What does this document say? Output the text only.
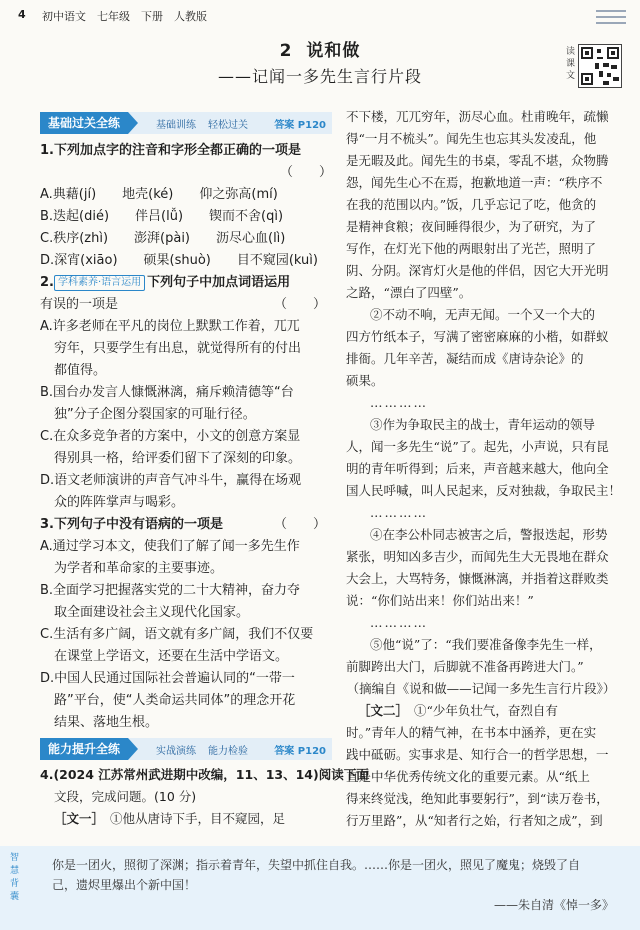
4 初中语文　七年级　下册　人教版
2 说和做
——记闻一多先生言行片段
读课文
基础过关全练	基础训练 轻松过关	答案 P120
1.下列加点字的注音和字形全都正确的一项是
（　　）
A.典藉(jí)　　地壳(ké)　　仰之弥高(mí)
B.迭起(dié)　　伴吕(lǚ)　　锲而不舍(qì)
C.秩序(zhì)　　澎湃(pài)　　沥尽心血(lì)
D.深宵(xiāo)　　硕果(shuò)　　目不窥园(kuì)
2. 学科素养·语言运用 下列句子中加点词语运用
有误的一项是	（　　）
A.许多老师在平凡的岗位上默默工作着，兀兀
穷年，只要学生有出息，就觉得所有的付出
都值得。
B.国台办发言人慷慨淋漓，痛斥赖清德等“台
独”分子企图分裂国家的可耻行径。
C.在众多竞争者的方案中，小文的创意方案显
得别具一格，给评委们留下了深刻的印象。
D.语文老师演讲的声音气冲斗牛，赢得在场观
众的阵阵掌声与喝彩。
3.下列句子中没有语病的一项是	（　　）
A.通过学习本文，使我们了解了闻一多先生作
为学者和革命家的主要事迹。
B.全面学习把握落实党的二十大精神，奋力夺
取全面建设社会主义现代化国家。
C.生活有多广阔，语文就有多广阔，我们不仅要
在课堂上学语文，还要在生活中学语文。
D.中国人民通过国际社会普遍认同的“一带一
路”平台，使“人类命运共同体”的理念开花
结果、落地生根。
能力提升全练	实战演练 能力检验	答案 P120
4.(2024 江苏常州武进期中改编，11、13、14)阅读下面
文段，完成问题。(10 分)
［文一］ ①他从唐诗下手，目不窥园，足
不下楼，兀兀穷年，沥尽心血。杜甫晚年，疏懒
得“一月不梳头”。闻先生也忘其头发凌乱，他
是无暇及此。闻先生的书桌，零乱不堪，众物腾
怨，闻先生心不在焉，抱歉地道一声：“秩序不
在我的范围以内。”饭，几乎忘记了吃，他贪的
是精神食粮；夜间睡得很少，为了研究，为了
写作，在灯光下他的两眼射出了光芒，照明了
阴、分阴。深宵灯火是他的伴侣，因它大开光明
之路，“漂白了四壁”。
②不动不响，无声无闻。一个又一个大的
四方竹纸本子，写满了密密麻麻的小楷，如群蚁
排衙。几年辛苦，凝结而成《唐诗杂论》的
硕果。
…………
③作为争取民主的战士，青年运动的领导
人，闻一多先生“说”了。起先，小声说，只有昆
明的青年听得到；后来，声音越来越大，他向全
国人民呼喊，叫人民起来，反对独裁，争取民主！
…………
④在李公朴同志被害之后，警报迭起，形势
紧张，明知凶多吉少，而闻先生大无畏地在群众
大会上，大骂特务，慷慨淋漓，并指着这群败类
说：“你们站出来！你们站出来！”
…………
⑤他“说”了：“我们要准备像李先生一样，
前脚跨出大门，后脚就不准备再跨进大门。”
（摘编自《说和做——记闻一多先生言行片段》）
［文二］ ①“少年负壮气，奋烈自有
时。”青年人的精气神，在书本中涵养，更在实
践中砥砺。实事求是、知行合一的哲学思想，一
直是中华优秀传统文化的重要元素。从“纸上
得来终觉浅，绝知此事要躬行”，到“读万卷书，
行万里路”，从“知者行之始，行者知之成”，到
智慧背囊
你是一团火，照彻了深渊；指示着青年，失望中抓住自我。……你是一团火，照见了魔鬼；烧毁了自
己，遗烬里爆出个新中国！
——朱自清《悼一多》
